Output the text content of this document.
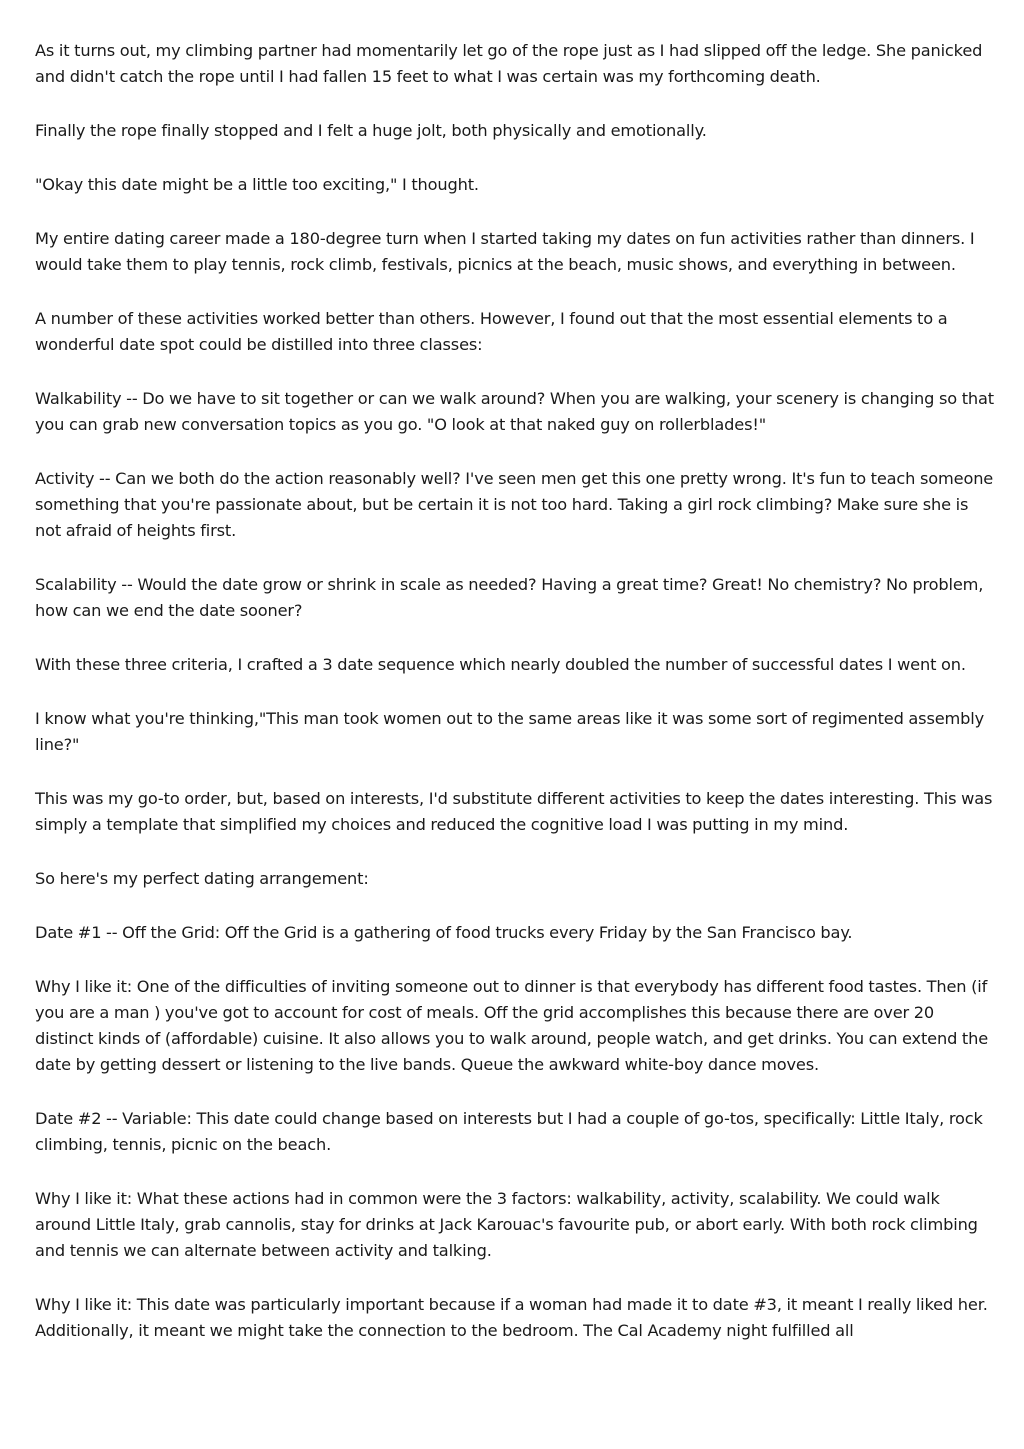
As it turns out, my climbing partner had momentarily let go of the rope just as I had slipped off the ledge. She panicked and didn't catch the rope until I had fallen 15 feet to what I was certain was my forthcoming death.

Finally the rope finally stopped and I felt a huge jolt, both physically and emotionally.

"Okay this date might be a little too exciting," I thought.

My entire dating career made a 180-degree turn when I started taking my dates on fun activities rather than dinners. I would take them to play tennis, rock climb, festivals, picnics at the beach, music shows, and everything in between.

A number of these activities worked better than others. However, I found out that the most essential elements to a wonderful date spot could be distilled into three classes:

Walkability -- Do we have to sit together or can we walk around? When you are walking, your scenery is changing so that you can grab new conversation topics as you go. "O look at that naked guy on rollerblades!"

Activity -- Can we both do the action reasonably well? I've seen men get this one pretty wrong. It's fun to teach someone something that you're passionate about, but be certain it is not too hard. Taking a girl rock climbing? Make sure she is not afraid of heights first.

Scalability -- Would the date grow or shrink in scale as needed? Having a great time? Great! No chemistry? No problem, how can we end the date sooner?

With these three criteria, I crafted a 3 date sequence which nearly doubled the number of successful dates I went on.

I know what you're thinking,"This man took women out to the same areas like it was some sort of regimented assembly line?"

This was my go-to order, but, based on interests, I'd substitute different activities to keep the dates interesting. This was simply a template that simplified my choices and reduced the cognitive load I was putting in my mind.

So here's my perfect dating arrangement:

Date #1 -- Off the Grid: Off the Grid is a gathering of food trucks every Friday by the San Francisco bay.

Why I like it: One of the difficulties of inviting someone out to dinner is that everybody has different food tastes. Then (if you are a man ) you've got to account for cost of meals. Off the grid accomplishes this because there are over 20 distinct kinds of (affordable) cuisine. It also allows you to walk around, people watch, and get drinks. You can extend the date by getting dessert or listening to the live bands. Queue the awkward white-boy dance moves.

Date #2 -- Variable: This date could change based on interests but I had a couple of go-tos, specifically: Little Italy, rock climbing, tennis, picnic on the beach.

Why I like it: What these actions had in common were the 3 factors: walkability, activity, scalability. We could walk around Little Italy, grab cannolis, stay for drinks at Jack Karouac's favourite pub, or abort early. With both rock climbing and tennis we can alternate between activity and talking.

Why I like it: This date was particularly important because if a woman had made it to date #3, it meant I really liked her. Additionally, it meant we might take the connection to the bedroom. The Cal Academy night fulfilled all
